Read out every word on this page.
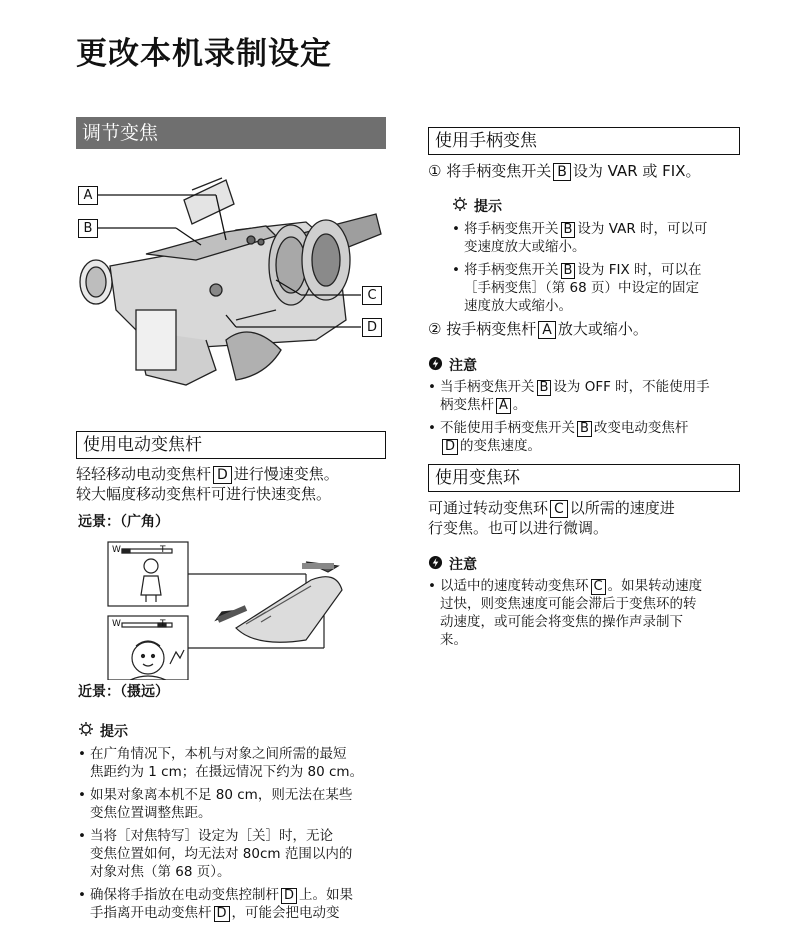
更改本机录制设定
调节变焦
A
B
C
D
使用电动变焦杆
轻轻移动电动变焦杆 D 进行慢速变焦。
较大幅度移动变焦杆可进行快速变焦。
远景：（广角）
W	T
W	T
近景：（摄远）
提示
• 在广角情况下，本机与对象之间所需的最短
焦距约为 1 cm；在摄远情况下约为 80 cm。
• 如果对象离本机不足 80 cm，则无法在某些
变焦位置调整焦距。
• 当将［对焦特写］设定为［关］时，无论
变焦位置如何，均无法对 80cm 范围以内的
对象对焦（第 68 页）。
• 确保将手指放在电动变焦控制杆 D 上。如果
手指离开电动变焦杆 D ，可能会把电动变
使用手柄变焦
① 将手柄变焦开关 B 设为 VAR 或 FIX。
提示
• 将手柄变焦开关 B 设为 VAR 时，可以可
变速度放大或缩小。
• 将手柄变焦开关 B 设为 FIX 时，可以在
［手柄变焦］（第 68 页）中设定的固定
速度放大或缩小。
② 按手柄变焦杆 A 放大或缩小。
注意
• 当手柄变焦开关 B 设为 OFF 时，不能使用手
柄变焦杆 A 。
• 不能使用手柄变焦开关 B 改变电动变焦杆
D 的变焦速度。
使用变焦环
可通过转动变焦环 C 以所需的速度进
行变焦。也可以进行微调。
注意
• 以适中的速度转动变焦环 C 。如果转动速度
过快，则变焦速度可能会滞后于变焦环的转
动速度，或可能会将变焦的操作声录制下
来。
